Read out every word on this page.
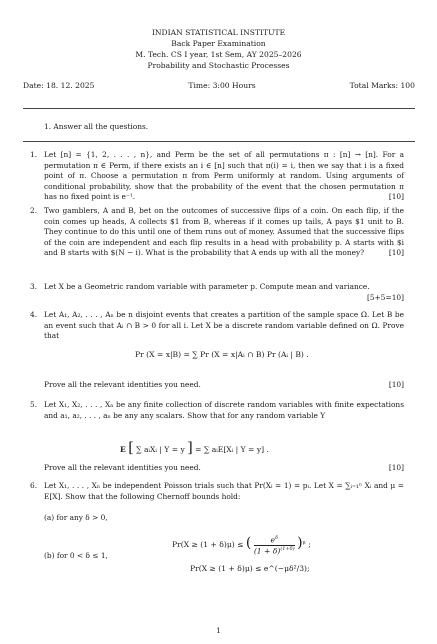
INDIAN STATISTICAL INSTITUTE
Back Paper Examination
M. Tech. CS I year, 1st Sem, AY 2025–2026
Probability and Stochastic Processes
Date: 18. 12. 2025	Time: 3:00 Hours	Total Marks: 100
1. Answer all the questions.
1. Let [n] = {1, 2, . . . , n}, and Perm be the set of all permutations π : [n] → [n]. For a permutation π ∈ Perm, if there exists an i ∈ [n] such that π(i) = i, then we say that i is a fixed point of π. Choose a permutation π from Perm uniformly at random. Using arguments of conditional probability, show that the probability of the event that the chosen permutation π has no fixed point is e⁻¹.	[10]
2. Two gamblers, A and B, bet on the outcomes of successive flips of a coin. On each flip, if the coin comes up heads, A collects $1 from B, whereas if it comes up tails, A pays $1 unit to B. They continue to do this until one of them runs out of money. Assumed that the successive flips of the coin are independent and each flip results in a head with probability p. A starts with $i and B starts with $(N − i). What is the probability that A ends up with all the money?	[10]
3. Let X be a Geometric random variable with parameter p. Compute mean and variance.
[5+5=10]
4. Let A₁, A₂, . . . , Aₙ be n disjoint events that creates a partition of the sample space Ω. Let B be an event such that Aᵢ ∩ B > 0 for all i. Let X be a discrete random variable defined on Ω. Prove that
Pr (X = x|B) = ∑ Pr (X = x|Aᵢ ∩ B) Pr (Aᵢ | B) .
Prove all the relevant identities you need.	[10]
5. Let X₁, X₂, . . . , Xₙ be any finite collection of discrete random variables with finite expectations and a₁, a₂, . . . , aₙ be any any scalars. Show that for any random variable Y
E [ ∑ aᵢXᵢ | Y = y ] = ∑ aᵢE[Xᵢ | Y = y] .
Prove all the relevant identities you need.	[10]
6. Let X₁, . . . , Xₙ be independent Poisson trials such that Pr(Xᵢ = 1) = pᵢ. Let X = ∑ᵢ₌₁ⁿ Xᵢ and μ = E[X]. Show that the following Chernoff bounds hold:
(a) for any δ > 0,
Pr(X ≥ (1 + δ)μ) ≤ ( $\frac{e^\delta}{(1 + \delta)^{(1+\delta)}} )^\mu$ ;
(b) for 0 < δ ≤ 1,
Pr(X ≥ (1 + δ)μ) ≤ e^(−μδ²/3);
1
